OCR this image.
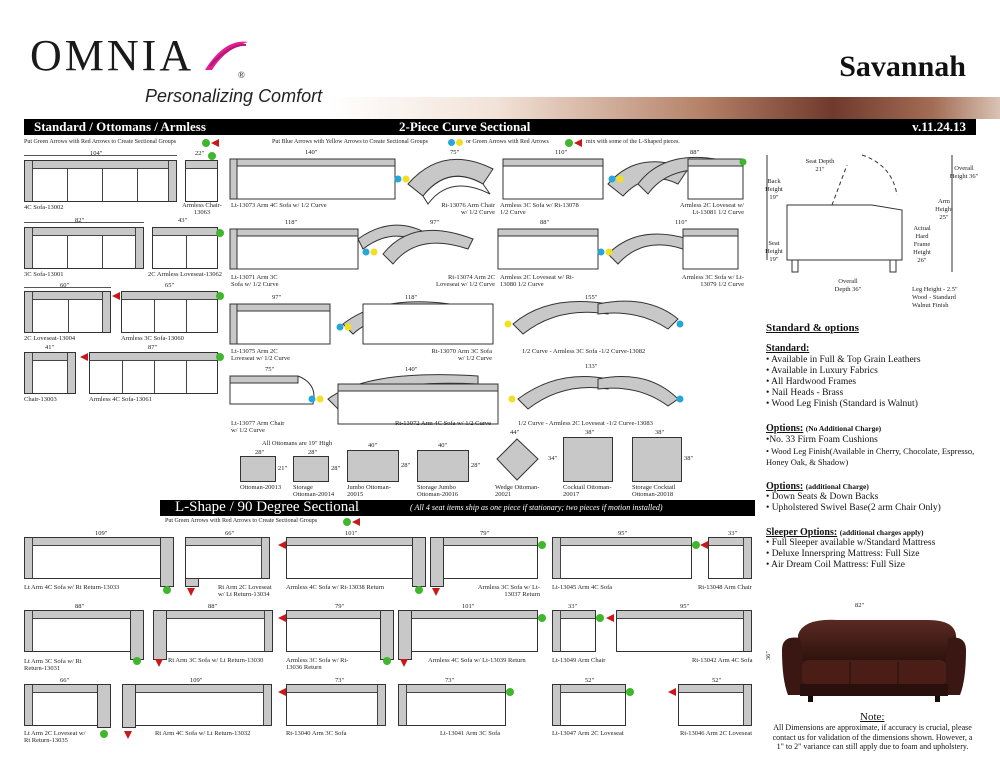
OMNIA	®
Personalizing Comfort
Savannah
Standard / Ottomans / Armless	2-Piece Curve Sectional	v.11.24.13
Put Green Arrows with Red Arrows to Create Sectional Groups	Put Blue Arrows with Yellow Arrows to Create Sectional Groups	or Green Arrows with Red Arrows	mix with some of the L-Shaped pieces.
104"
4C Sofa-13002
22"
Armless Chair-13063
82"
3C Sofa-13001
43"
2C Armless Loveseat-13062
60"
2C Loveseat-13004
65"
Armless 3C Sofa-13060
41"
Chair-13003
87"
Armless 4C Sofa-13061
140"	75"	110"	88"
Lt-13073 Arm 4C Sofa w/ 1/2 Curve	Rt-13076 Arm Chair w/ 1/2 Curve
Armless 3C Sofa w/ Rt-13078 1/2 Curve
Armless 2C Loveseat w/ Lt-13081 1/2 Curve
118"	97"	88"	110"
Lt-13071 Arm 3C Sofa w/ 1/2 Curve
Rt-13074 Arm 2C Loveseat w/ 1/2 Curve
Armless 2C Loveseat w/ Rt-13080 1/2 Curve
Armless 3C Sofa w/ Lt-13079 1/2 Curve
97"	118"	155"
Lt-13075 Arm 2C Loveseat w/ 1/2 Curve
Rt-13070 Arm 3C Sofa w/ 1/2 Curve
1/2 Curve - Armless 3C Sofa -1/2 Curve-13082
75"	140"	133"
Lt-13077 Arm Chair w/ 1/2 Curve
Rt-13072 Arm 4C Sofa w/ 1/2 Curve	1/2 Curve - Armless 2C Loveseat -1/2 Curve-13083
All Ottomans are 19" High
28"
21"
Ottoman-20013
28"
28"
Storage Ottoman-20014
40"
28"
Jumbo Ottoman-20015
40"
28"
Storage Jumbo Ottoman-20016
44"
Wedge Ottoman-20021
38"
34"
Cocktail Ottoman-20017
38"
38"
Storage Cocktail Ottoman-20018
L-Shape / 90 Degree Sectional	( All 4 seat items ship as one piece if stationary; two pieces if motion installed)
Put Green Arrows with Red Arrows to Create Sectional Groups
109"
Lt Arm 4C Sofa w/ Rt Return-13033
66"
Rt Arm 2C Loveseat w/ Lt Return-13034
101"
Armless 4C Sofa w/ Rt-13038 Return
79"
Armless 3C Sofa w/ Lt-13037 Return
95"
Lt-13045 Arm 4C Sofa
33"
Rt-13048 Arm Chair
88"
Lt Arm 3C Sofa w/ Rt Return-13031
88"
Rt Arm 3C Sofa w/ Lt Return-13030
79"
Armless 3C Sofa w/ Rt-13036 Return
101"
Armless 4C Sofa w/ Lt-13039 Return
33"
Lt-13049 Arm Chair
95"
Rt-13042 Arm 4C Sofa
66"
Lt Arm 2C Loveseat w/ Rt Return-13035
109"
Rt Arm 4C Sofa w/ Lt Return-13032
73"
Rt-13040 Arm 3C Sofa
73"
Lt-13041 Arm 3C Sofa
52"
Lt-13047 Arm 2C Loveseat
52"
Rt-13046 Arm 2C Loveseat
Seat Depth 21"
Back Height 19"
Overall Height 36"
Arm Height 25"
Seat Height 19"
Actual Hard Frame Height 26"
Overall Depth 36"	Leg Height - 2.5" Wood - Standard Walnut Finish
Standard & options
Standard:
• Available in Full & Top Grain Leathers
• Available in Luxury Fabrics
• All Hardwood Frames
• Nail Heads - Brass
• Wood Leg Finish (Standard is Walnut)
Options: (No Additional Charge)
•No. 33 Firm Foam Cushions
• Wood Leg Finish(Available in Cherry, Chocolate, Espresso, Honey Oak, & Shadow)
Options: (additional Charge)
• Down Seats & Down Backs
• Upholstered Swivel Base(2 arm Chair Only)
Sleeper Options: (additional charges apply)
• Full Sleeper available w/Standard Mattress
• Deluxe Innerspring Mattress: Full Size
• Air Dream Coil Mattress: Full Size
82"
36"
Note:
All Dimensions are approximate, if accuracy is crucial, please contact us for validation of the dimensions shown. However, a 1" to 2" variance can still apply due to foam and upholstery.
